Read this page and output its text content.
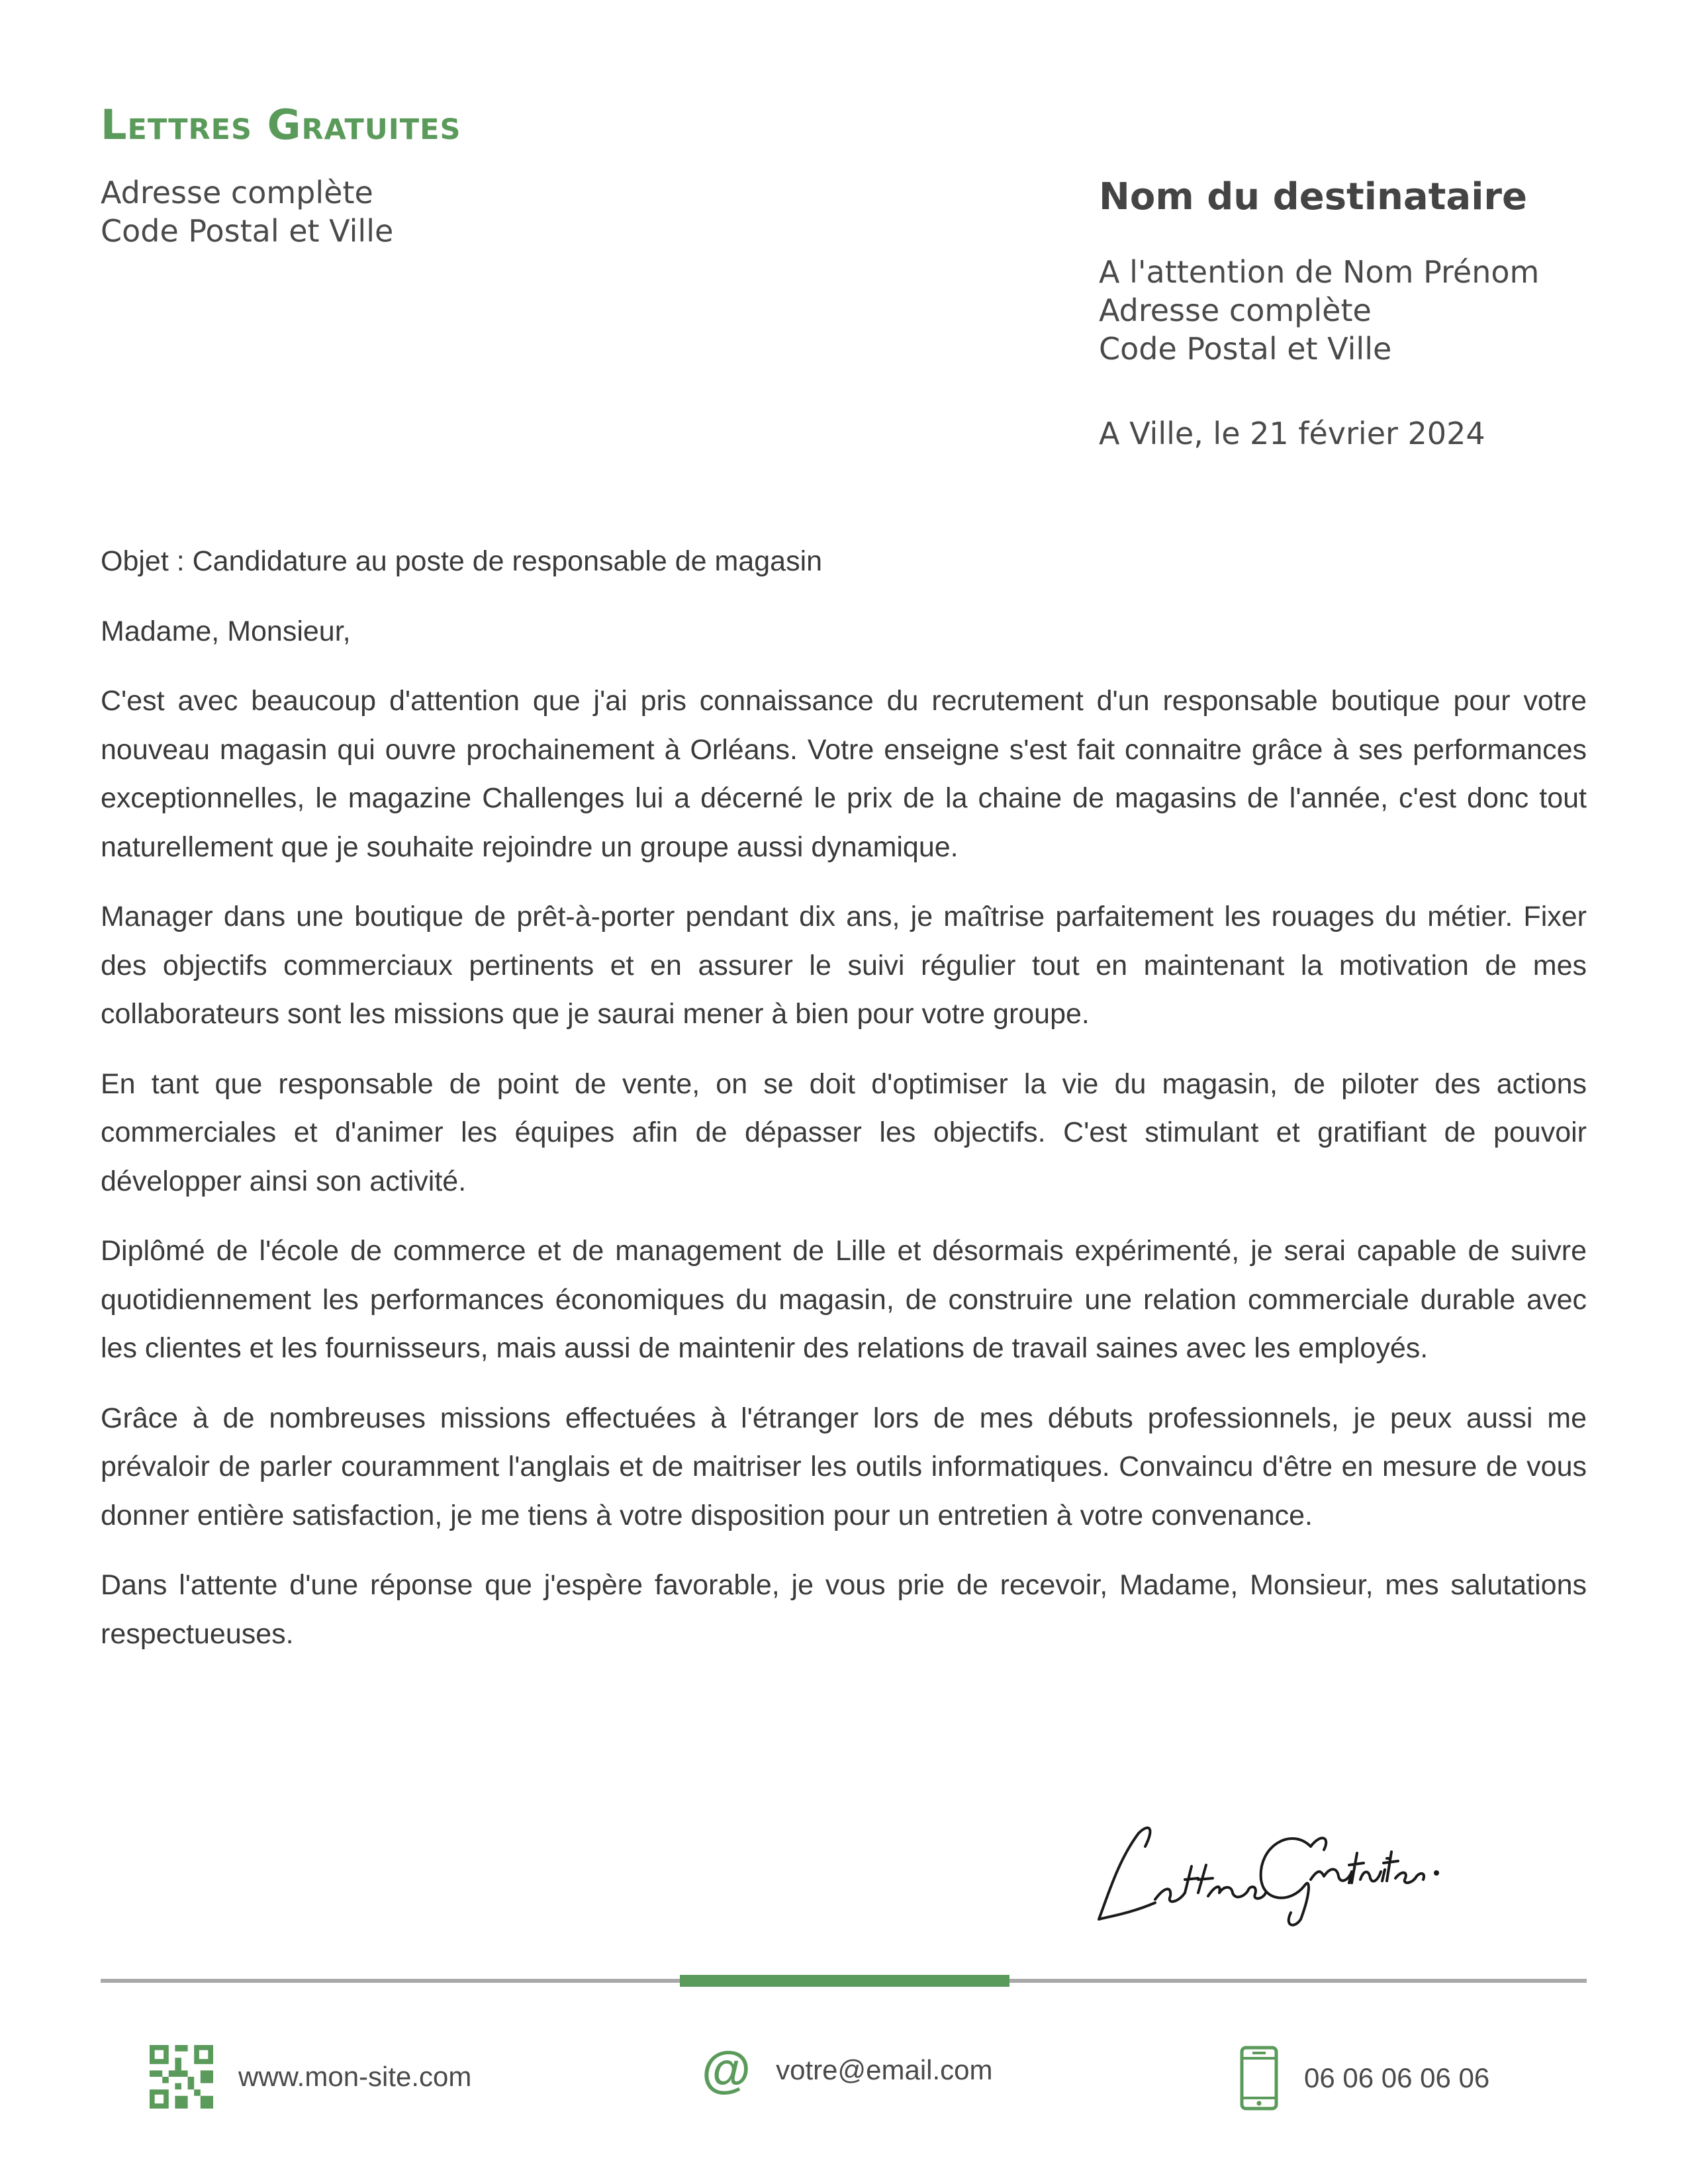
Lettres Gratuites
Adresse complète
Code Postal et Ville
Nom du destinataire
A l'attention de Nom Prénom
Adresse complète
Code Postal et Ville
A Ville, le 21 février 2024

Objet : Candidature au poste de responsable de magasin

Madame, Monsieur,

C'est avec beaucoup d'attention que j'ai pris connaissance du recrutement d'un responsable boutique pour votre nouveau magasin qui ouvre prochainement à Orléans. Votre enseigne s'est fait connaitre grâce à ses performances exceptionnelles, le magazine Challenges lui a décerné le prix de la chaine de magasins de l'année, c'est donc tout naturellement que je souhaite rejoindre un groupe aussi dynamique.

Manager dans une boutique de prêt-à-porter pendant dix ans, je maîtrise parfaitement les rouages du métier. Fixer des objectifs commerciaux pertinents et en assurer le suivi régulier tout en maintenant la motivation de mes collaborateurs sont les missions que je saurai mener à bien pour votre groupe.

En tant que responsable de point de vente, on se doit d'optimiser la vie du magasin, de piloter des actions commerciales et d'animer les équipes afin de dépasser les objectifs. C'est stimulant et gratifiant de pouvoir développer ainsi son activité.

Diplômé de l'école de commerce et de management de Lille et désormais expérimenté, je serai capable de suivre quotidiennement les performances économiques du magasin, de construire une relation commerciale durable avec les clientes et les fournisseurs, mais aussi de maintenir des relations de travail saines avec les employés.

Grâce à de nombreuses missions effectuées à l'étranger lors de mes débuts professionnels, je peux aussi me prévaloir de parler couramment l'anglais et de maitriser les outils informatiques. Convaincu d'être en mesure de vous donner entière satisfaction, je me tiens à votre disposition pour un entretien à votre convenance.

Dans l'attente d'une réponse que j'espère favorable, je vous prie de recevoir, Madame, Monsieur, mes salutations respectueuses.

www.mon-site.com	@ votre@email.com	06 06 06 06 06
